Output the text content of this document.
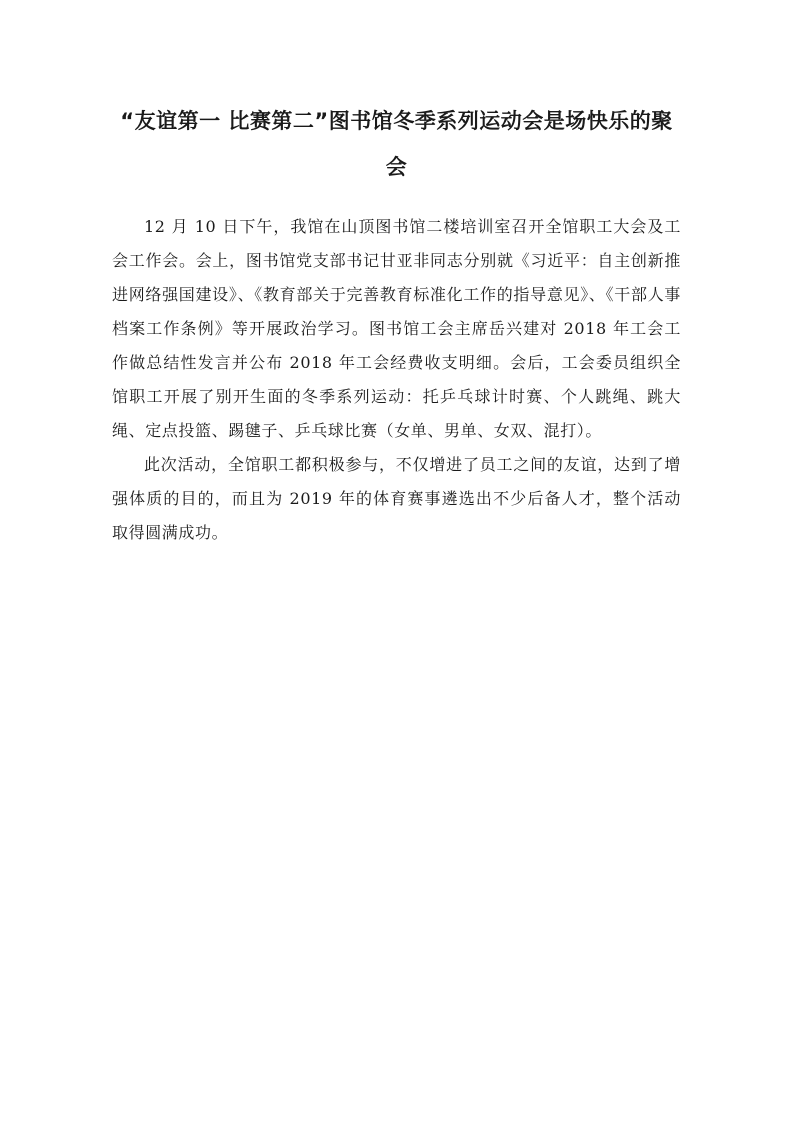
“友谊第一 比赛第二”图书馆冬季系列运动会是场快乐的聚会

12 月 10 日下午，我馆在山顶图书馆二楼培训室召开全馆职工大会及工会工作会。会上，图书馆党支部书记甘亚非同志分别就《习近平：自主创新推进网络强国建设》、《教育部关于完善教育标准化工作的指导意见》、《干部人事档案工作条例》等开展政治学习。图书馆工会主席岳兴建对 2018 年工会工作做总结性发言并公布 2018 年工会经费收支明细。会后，工会委员组织全馆职工开展了别开生面的冬季系列运动：托乒乓球计时赛、个人跳绳、跳大绳、定点投篮、踢毽子、乒乓球比赛（女单、男单、女双、混打）。

此次活动，全馆职工都积极参与，不仅增进了员工之间的友谊，达到了增强体质的目的，而且为 2019 年的体育赛事遴选出不少后备人才，整个活动取得圆满成功。
